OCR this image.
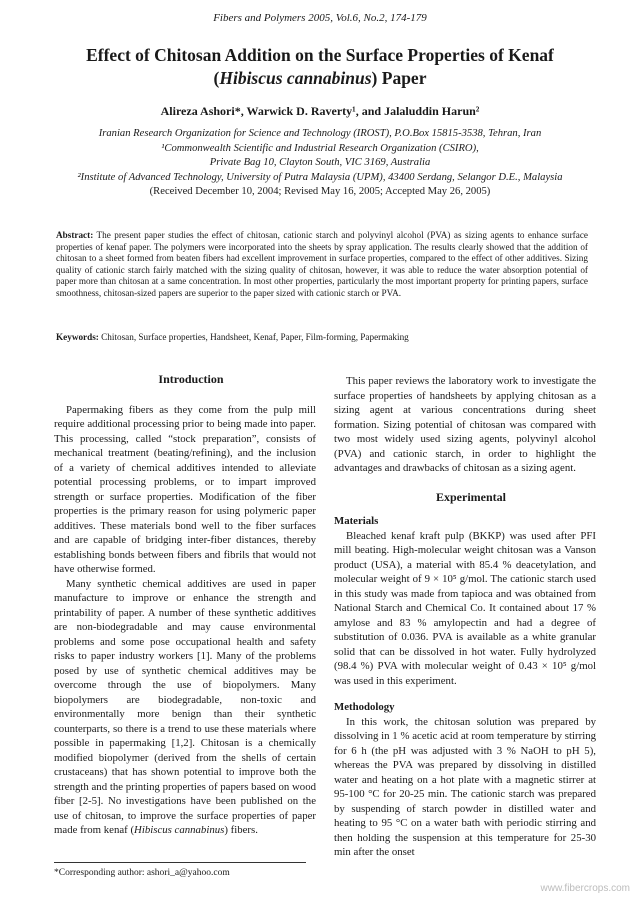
Fibers and Polymers 2005, Vol.6, No.2, 174-179
Effect of Chitosan Addition on the Surface Properties of Kenaf
(Hibiscus cannabinus) Paper
Alireza Ashori*, Warwick D. Raverty¹, and Jalaluddin Harun²
Iranian Research Organization for Science and Technology (IROST), P.O.Box 15815-3538, Tehran, Iran
¹Commonwealth Scientific and Industrial Research Organization (CSIRO),
Private Bag 10, Clayton South, VIC 3169, Australia
²Institute of Advanced Technology, University of Putra Malaysia (UPM), 43400 Serdang, Selangor D.E., Malaysia
(Received December 10, 2004; Revised May 16, 2005; Accepted May 26, 2005)
Abstract: The present paper studies the effect of chitosan, cationic starch and polyvinyl alcohol (PVA) as sizing agents to enhance surface properties of kenaf paper. The polymers were incorporated into the sheets by spray application. The results clearly showed that the addition of chitosan to a sheet formed from beaten fibers had excellent improvement in surface properties, compared to the effect of other additives. Sizing quality of cationic starch fairly matched with the sizing quality of chitosan, however, it was able to reduce the water absorption potential of paper more than chitosan at a same concentration. In most other properties, particularly the most important property for printing papers, surface smoothness, chitosan-sized papers are superior to the paper sized with cationic starch or PVA.
Keywords: Chitosan, Surface properties, Handsheet, Kenaf, Paper, Film-forming, Papermaking

Introduction

Papermaking fibers as they come from the pulp mill require additional processing prior to being made into paper. This processing, called “stock preparation”, consists of mechanical treatment (beating/refining), and the inclusion of a variety of chemical additives intended to alleviate potential processing problems, or to impart improved strength or surface properties. Modification of the fiber properties is the primary reason for using polymeric paper additives. These materials bond well to the fiber surfaces and are capable of bridging inter-fiber distances, thereby establishing bonds between fibers and fibrils that would not have otherwise formed.

Many synthetic chemical additives are used in paper manufacture to improve or enhance the strength and printability of paper. A number of these synthetic additives are non-biodegradable and may cause environmental problems and some pose occupational health and safety risks to paper industry workers [1]. Many of the problems posed by use of synthetic chemical additives may be overcome through the use of biopolymers. Many biopolymers are biodegradable, non-toxic and environmentally more benign than their synthetic counterparts, so there is a trend to use these materials where possible in papermaking [1,2]. Chitosan is a chemically modified biopolymer (derived from the shells of certain crustaceans) that has shown potential to improve both the strength and the printing properties of papers based on wood fiber [2-5]. No investigations have been published on the use of chitosan, to improve the surface properties of paper made from kenaf (Hibiscus cannabinus) fibers.

This paper reviews the laboratory work to investigate the surface properties of handsheets by applying chitosan as a sizing agent at various concentrations during sheet formation. Sizing potential of chitosan was compared with two most widely used sizing agents, polyvinyl alcohol (PVA) and cationic starch, in order to highlight the advantages and drawbacks of chitosan as a sizing agent.

Experimental

Materials

Bleached kenaf kraft pulp (BKKP) was used after PFI mill beating. High-molecular weight chitosan was a Vanson product (USA), a material with 85.4 % deacetylation, and molecular weight of 9 × 10⁵ g/mol. The cationic starch used in this study was made from tapioca and was obtained from National Starch and Chemical Co. It contained about 17 % amylose and 83 % amylopectin and had a degree of substitution of 0.036. PVA is available as a white granular solid that can be dissolved in hot water. Fully hydrolyzed (98.4 %) PVA with molecular weight of 0.43 × 10⁵ g/mol was used in this experiment.

Methodology

In this work, the chitosan solution was prepared by dissolving in 1 % acetic acid at room temperature by stirring for 6 h (the pH was adjusted with 3 % NaOH to pH 5), whereas the PVA was prepared by dissolving in distilled water and heating on a hot plate with a magnetic stirrer at 95-100 °C for 20-25 min. The cationic starch was prepared by suspending of starch powder in distilled water and heating to 95 °C on a water bath with periodic stirring and then holding the suspension at this temperature for 25-30 min after the onset

*Corresponding author: ashori_a@yahoo.com
www.fibercrops.com
